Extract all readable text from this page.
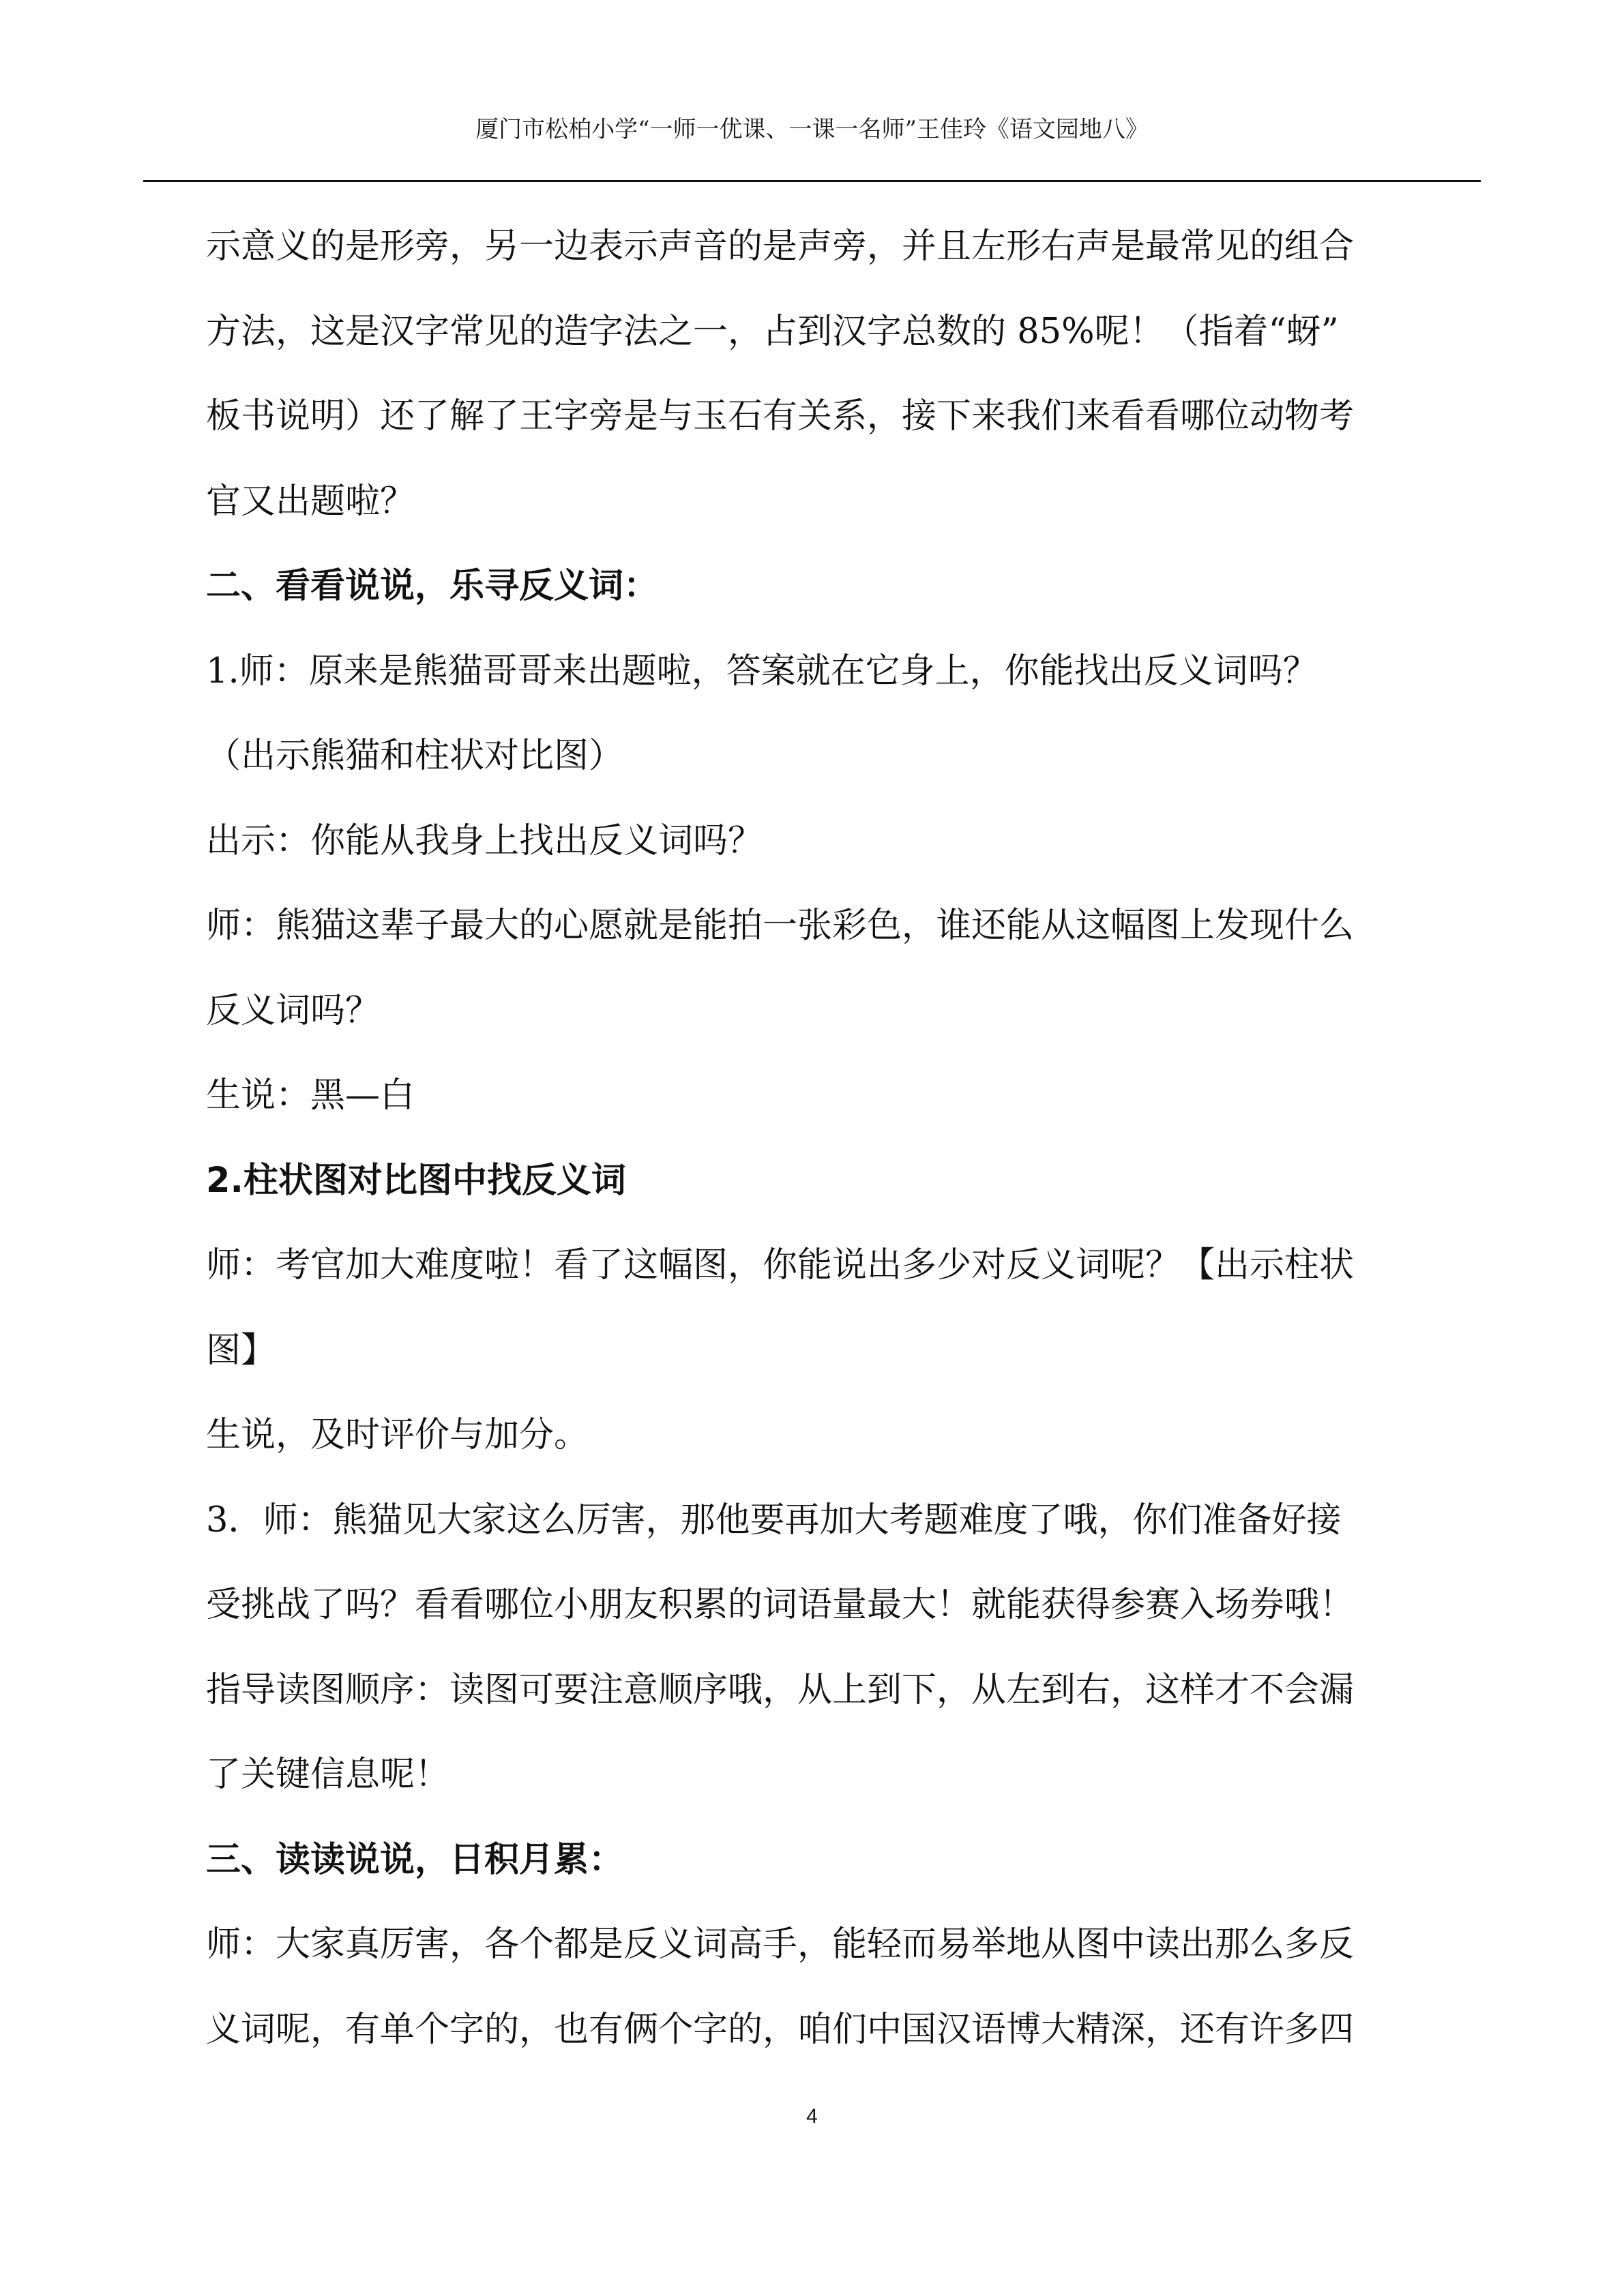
厦门市松柏小学“一师一优课、一课一名师”王佳玲《语文园地八》
示意义的是形旁，另一边表示声音的是声旁，并且左形右声是最常见的组合
方法，这是汉字常见的造字法之一，占到汉字总数的 85%呢！（指着“蚜”
板书说明）还了解了王字旁是与玉石有关系，接下来我们来看看哪位动物考
官又出题啦？
二、看看说说，乐寻反义词：
1.师：原来是熊猫哥哥来出题啦，答案就在它身上，你能找出反义词吗？
（出示熊猫和柱状对比图）
出示：你能从我身上找出反义词吗？
师：熊猫这辈子最大的心愿就是能拍一张彩色，谁还能从这幅图上发现什么
反义词吗？
生说：黑—白
2.柱状图对比图中找反义词
师：考官加大难度啦！看了这幅图，你能说出多少对反义词呢？【出示柱状
图】
生说，及时评价与加分。
3．师：熊猫见大家这么厉害，那他要再加大考题难度了哦，你们准备好接
受挑战了吗？看看哪位小朋友积累的词语量最大！就能获得参赛入场券哦！
指导读图顺序：读图可要注意顺序哦，从上到下，从左到右，这样才不会漏
了关键信息呢！
三、读读说说，日积月累：
师：大家真厉害，各个都是反义词高手，能轻而易举地从图中读出那么多反
义词呢，有单个字的，也有俩个字的，咱们中国汉语博大精深，还有许多四
4
